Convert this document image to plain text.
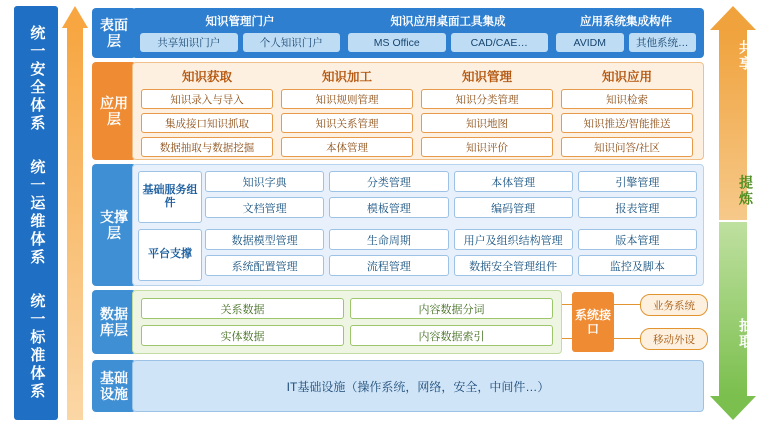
统一安全体系
统一运维体系
统一标准体系
表面层
应用层
支撑层
数据库层
基础设施
知识管理门户
共享知识门户	个人知识门户
知识应用桌面工具集成
MS Office	CAD/CAE…
应用系统集成构件
AVIDM	其他系统…
知识获取
知识录入与导入
集成接口知识抓取
数据抽取与数据挖掘
知识加工
知识规则管理
知识关系管理
本体管理
知识管理
知识分类管理
知识地图
知识评价
知识应用
知识检索
知识推送/智能推送
知识问答/社区
基础服务组件
知识字典	分类管理	本体管理	引擎管理
文档管理	模板管理	编码管理	报表管理
平台支撑
数据模型管理	生命周期	用户及组织结构管理	版本管理
系统配置管理	流程管理	数据安全管理组件	监控及脚本
关系数据	内容数据分词
实体数据	内容数据索引
系统接口
业务系统
移动外设
IT基础设施（操作系统，网络，安全，中间件…）
共享
提炼
抽取
